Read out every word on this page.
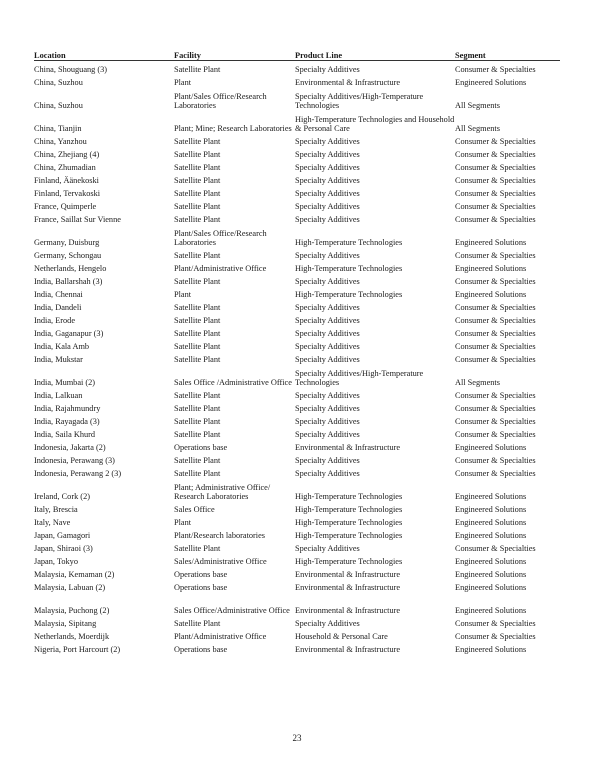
Location	Facility	Product Line	Segment
China, Shouguang (3)	Satellite Plant	Specialty Additives	Consumer & Specialties
China, Suzhou	Plant	Environmental & Infrastructure	Engineered Solutions
China, Suzhou	Plant/Sales Office/Research Laboratories	Specialty Additives/High-Temperature Technologies	All Segments
China, Tianjin	Plant; Mine; Research Laboratories	High-Temperature Technologies and Household & Personal Care	All Segments
China, Yanzhou	Satellite Plant	Specialty Additives	Consumer & Specialties
China, Zhejiang (4)	Satellite Plant	Specialty Additives	Consumer & Specialties
China, Zhumadian	Satellite Plant	Specialty Additives	Consumer & Specialties
Finland, Äänekoski	Satellite Plant	Specialty Additives	Consumer & Specialties
Finland, Tervakoski	Satellite Plant	Specialty Additives	Consumer & Specialties
France, Quimperle	Satellite Plant	Specialty Additives	Consumer & Specialties
France, Saillat Sur Vienne	Satellite Plant	Specialty Additives	Consumer & Specialties
Germany, Duisburg	Plant/Sales Office/Research Laboratories	High-Temperature Technologies	Engineered Solutions
Germany, Schongau	Satellite Plant	Specialty Additives	Consumer & Specialties
Netherlands, Hengelo	Plant/Administrative Office	High-Temperature Technologies	Engineered Solutions
India, Ballarshah (3)	Satellite Plant	Specialty Additives	Consumer & Specialties
India, Chennai	Plant	High-Temperature Technologies	Engineered Solutions
India, Dandeli	Satellite Plant	Specialty Additives	Consumer & Specialties
India, Erode	Satellite Plant	Specialty Additives	Consumer & Specialties
India, Gaganapur (3)	Satellite Plant	Specialty Additives	Consumer & Specialties
India, Kala Amb	Satellite Plant	Specialty Additives	Consumer & Specialties
India, Mukstar	Satellite Plant	Specialty Additives	Consumer & Specialties
India, Mumbai (2)	Sales Office /Administrative Office	Specialty Additives/High-Temperature Technologies	All Segments
India, Lalkuan	Satellite Plant	Specialty Additives	Consumer & Specialties
India, Rajahmundry	Satellite Plant	Specialty Additives	Consumer & Specialties
India, Rayagada (3)	Satellite Plant	Specialty Additives	Consumer & Specialties
India, Saila Khurd	Satellite Plant	Specialty Additives	Consumer & Specialties
Indonesia, Jakarta (2)	Operations base	Environmental & Infrastructure	Engineered Solutions
Indonesia, Perawang (3)	Satellite Plant	Specialty Additives	Consumer & Specialties
Indonesia, Perawang 2 (3)	Satellite Plant	Specialty Additives	Consumer & Specialties
Ireland, Cork (2)	Plant; Administrative Office/ Research Laboratories	High-Temperature Technologies	Engineered Solutions
Italy, Brescia	Sales Office	High-Temperature Technologies	Engineered Solutions
Italy, Nave	Plant	High-Temperature Technologies	Engineered Solutions
Japan, Gamagori	Plant/Research laboratories	High-Temperature Technologies	Engineered Solutions
Japan, Shiraoi (3)	Satellite Plant	Specialty Additives	Consumer & Specialties
Japan, Tokyo	Sales/Administrative Office	High-Temperature Technologies	Engineered Solutions
Malaysia, Kemaman (2)	Operations base	Environmental & Infrastructure	Engineered Solutions
Malaysia, Labuan (2)	Operations base	Environmental & Infrastructure	Engineered Solutions
Malaysia, Puchong (2)	Sales Office/Administrative Office	Environmental & Infrastructure	Engineered Solutions
Malaysia, Sipitang	Satellite Plant	Specialty Additives	Consumer & Specialties
Netherlands, Moerdijk	Plant/Administrative Office	Household & Personal Care	Consumer & Specialties
Nigeria, Port Harcourt (2)	Operations base	Environmental & Infrastructure	Engineered Solutions
23
